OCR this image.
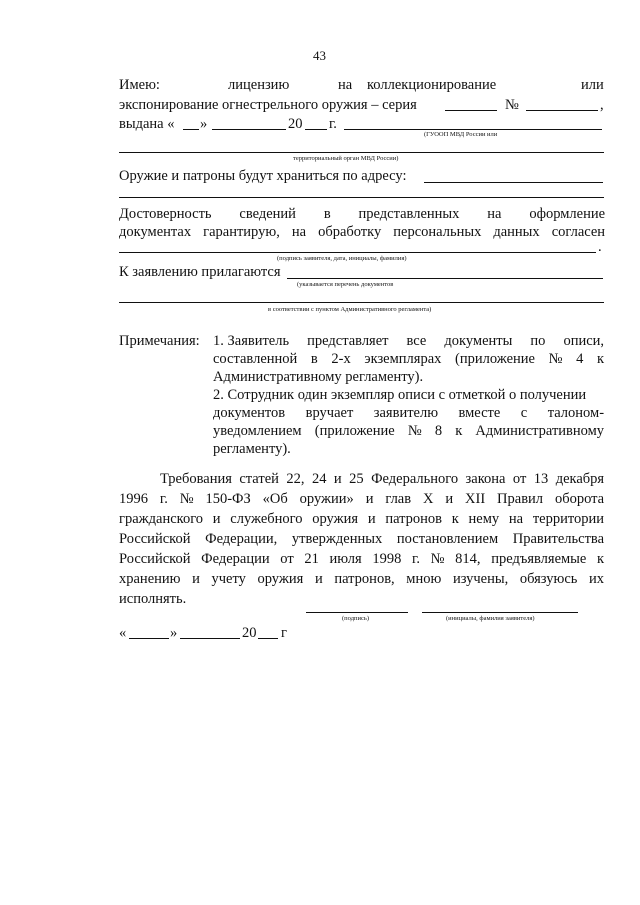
43
Имею:	лицензию	на коллекционирование	или
экспонирование огнестрельного оружия – серия	№	,
выдана « »	20 г.
(ГУООП МВД России или
территориальный орган МВД России)
Оружие и патроны будут храниться по адресу:
Достоверность сведений в представленных на оформление
документах гарантирую, на обработку персональных данных согласен
.
(подпись заявителя, дата, инициалы, фамилия)
К заявлению прилагаются
(указывается перечень документов
в соответствии с пунктом Административного регламента)
Примечания: 1. Заявитель представляет все документы по описи,
составленной в 2-х экземплярах (приложение № 4 к
Административному регламенту).
2. Сотрудник один экземпляр описи с отметкой о получении
документов вручает заявителю вместе с талоном-
уведомлением (приложение № 8 к Административному
регламенту).
Требования статей 22, 24 и 25 Федерального закона от 13 декабря
1996 г. № 150-ФЗ «Об оружии» и глав X и XII Правил оборота
гражданского и служебного оружия и патронов к нему на территории
Российской Федерации, утвержденных постановлением Правительства
Российской Федерации от 21 июля 1998 г. № 814, предъявляемые к
хранению и учету оружия и патронов, мною изучены, обязуюсь их
исполнять.
(подпись)	(инициалы, фамилия заявителя)
«	»	20 г
